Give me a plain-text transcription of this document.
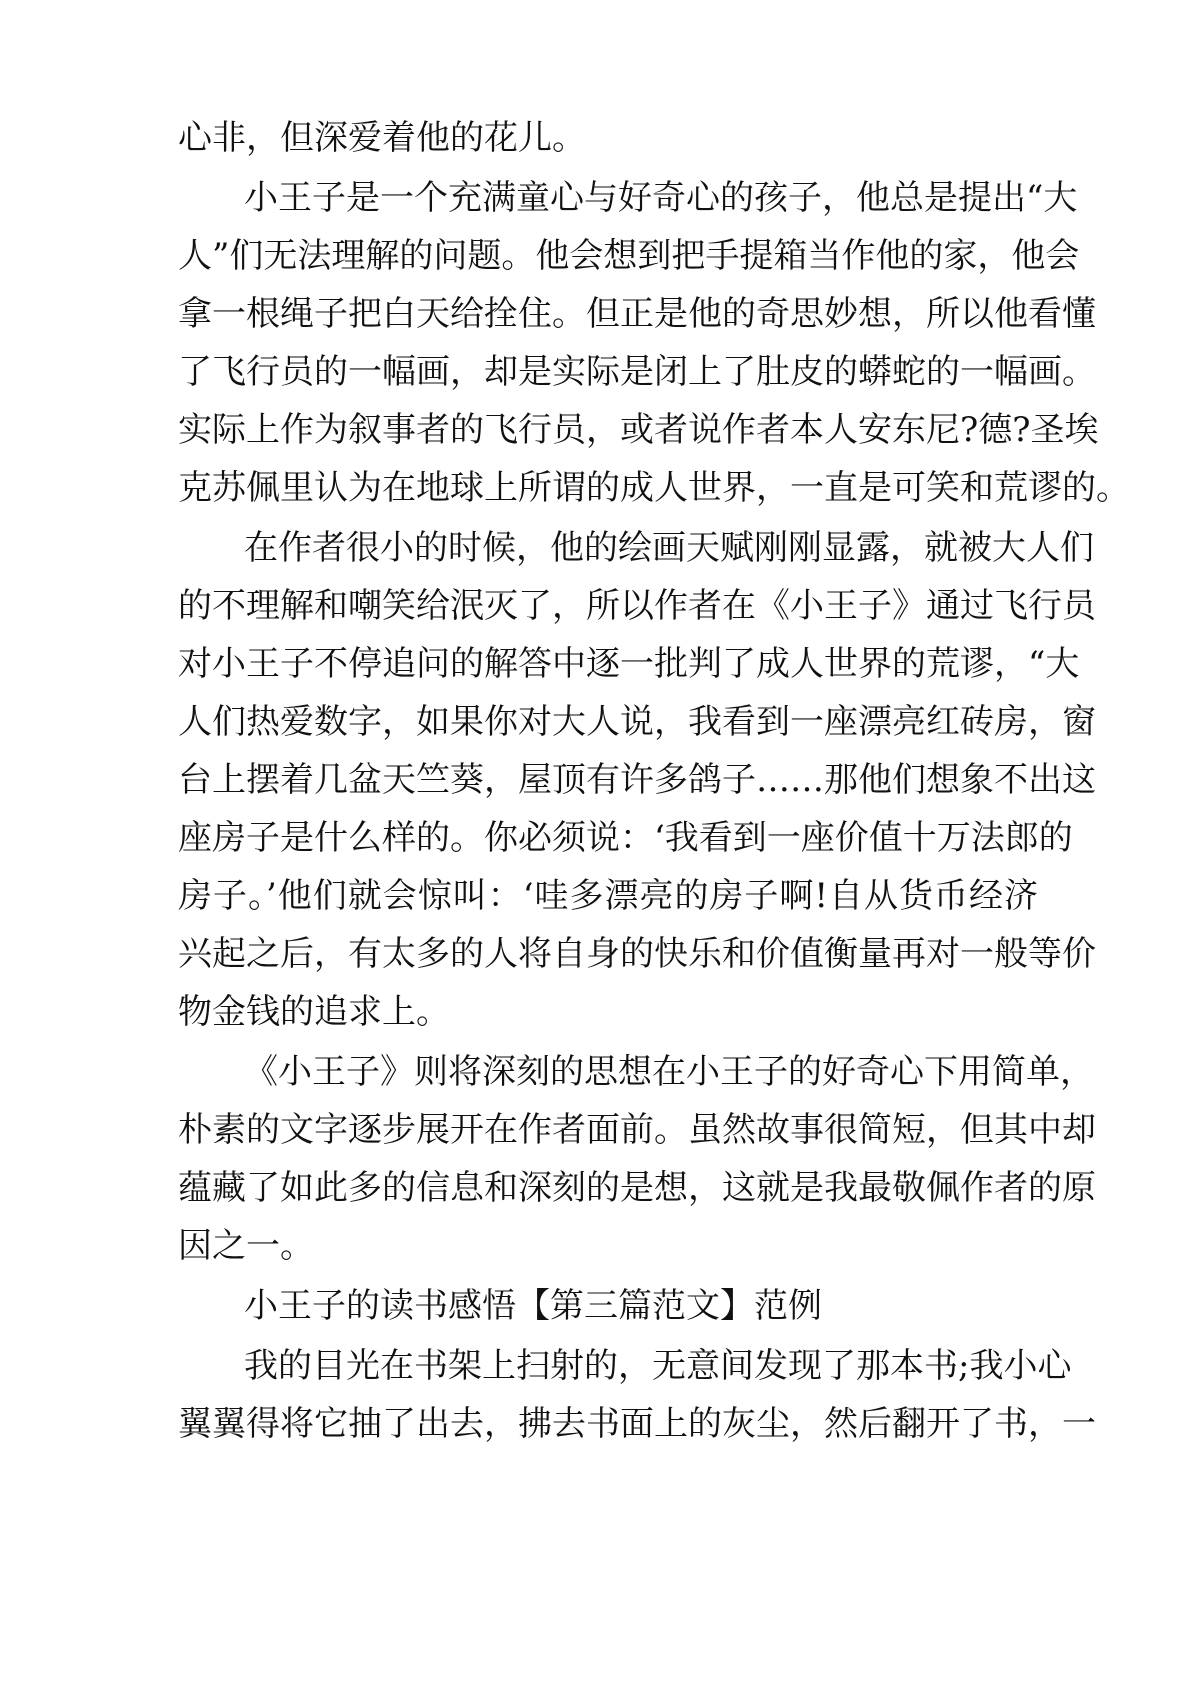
心非，但深爱着他的花儿。
小王子是一个充满童心与好奇心的孩子，他总是提出“大
人”们无法理解的问题。他会想到把手提箱当作他的家，他会
拿一根绳子把白天给拴住。但正是他的奇思妙想，所以他看懂
了飞行员的一幅画，却是实际是闭上了肚皮的蟒蛇的一幅画。
实际上作为叙事者的飞行员，或者说作者本人安东尼?德?圣埃
克苏佩里认为在地球上所谓的成人世界，一直是可笑和荒谬的。
在作者很小的时候，他的绘画天赋刚刚显露，就被大人们
的不理解和嘲笑给泯灭了，所以作者在《小王子》通过飞行员
对小王子不停追问的解答中逐一批判了成人世界的荒谬，“大
人们热爱数字，如果你对大人说，我看到一座漂亮红砖房，窗
台上摆着几盆天竺葵，屋顶有许多鸽子……那他们想象不出这
座房子是什么样的。你必须说：‘我看到一座价值十万法郎的
房子。’他们就会惊叫：‘哇多漂亮的房子啊!自从货币经济
兴起之后，有太多的人将自身的快乐和价值衡量再对一般等价
物金钱的追求上。
《小王子》则将深刻的思想在小王子的好奇心下用简单，
朴素的文字逐步展开在作者面前。虽然故事很简短，但其中却
蕴藏了如此多的信息和深刻的是想，这就是我最敬佩作者的原
因之一。
小王子的读书感悟【第三篇范文】范例
我的目光在书架上扫射的，无意间发现了那本书;我小心
翼翼得将它抽了出去，拂去书面上的灰尘，然后翻开了书，一
